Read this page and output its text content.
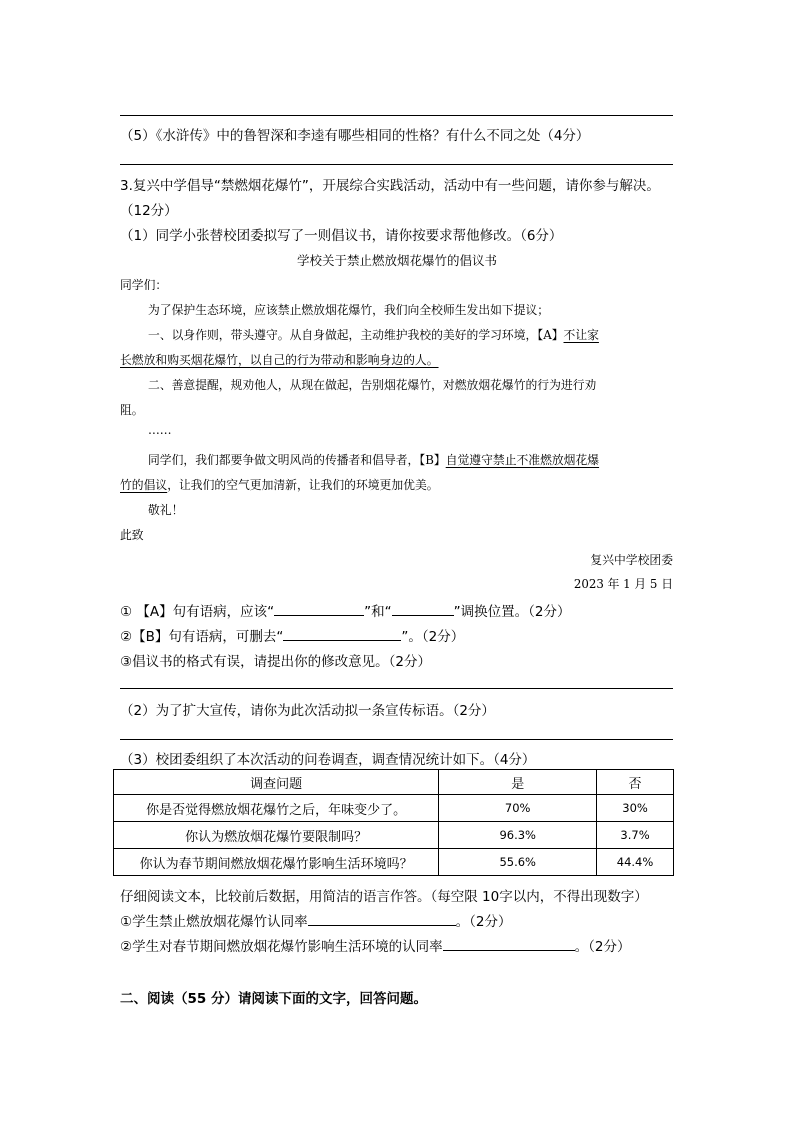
（5）《水浒传》中的鲁智深和李逵有哪些相同的性格？有什么不同之处（4分）
3.复兴中学倡导“禁燃烟花爆竹”，开展综合实践活动，活动中有一些问题，请你参与解决。
（12分）
（1）同学小张替校团委拟写了一则倡议书，请你按要求帮他修改。（6分）
学校关于禁止燃放烟花爆竹的倡议书
同学们：
为了保护生态环境，应该禁止燃放烟花爆竹，我们向全校师生发出如下提议；
一、以身作则，带头遵守。从自身做起，主动维护我校的美好的学习环境，【A】不让家
长燃放和购买烟花爆竹，以自己的行为带动和影响身边的人。
二、善意提醒，规劝他人，从现在做起，告别烟花爆竹，对燃放烟花爆竹的行为进行劝
阻。
……
同学们，我们都要争做文明风尚的传播者和倡导者，【B】自觉遵守禁止不准燃放烟花爆
竹的倡议，让我们的空气更加清新，让我们的环境更加优美。
敬礼！
此致
复兴中学校团委
2023 年 1 月 5 日
① 【A】句有语病，应该“	”和“	”调换位置。（2分）
②【B】句有语病，可删去“	”。（2分）
③倡议书的格式有误，请提出你的修改意见。（2分）
（2）为了扩大宣传，请你为此次活动拟一条宣传标语。（2分）
（3）校团委组织了本次活动的问卷调查，调查情况统计如下。（4分）
调查问题	是	否
你是否觉得燃放烟花爆竹之后，年味变少了。	70%	30%
你认为燃放烟花爆竹要限制吗？	96.3%	3.7%
你认为春节期间燃放烟花爆竹影响生活环境吗？	55.6%	44.4%
仔细阅读文本，比较前后数据，用简洁的语言作答。（每空限 10字以内，不得出现数字）
①学生禁止燃放烟花爆竹认同率	。（2分）
②学生对春节期间燃放烟花爆竹影响生活环境的认同率	。（2分）
二、阅读（55 分）请阅读下面的文字，回答问题。
